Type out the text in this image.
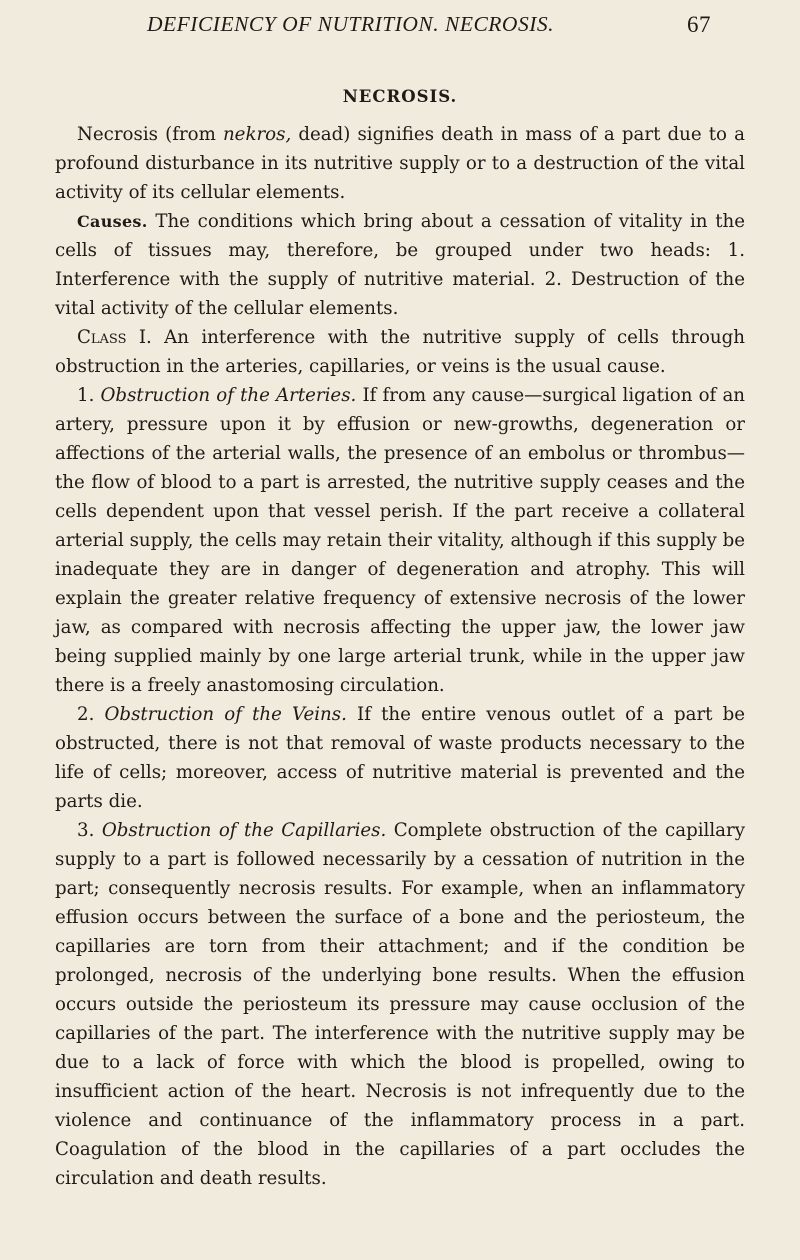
DEFICIENCY OF NUTRITION. NECROSIS.	67
NECROSIS.

Necrosis (from nekros, dead) signifies death in mass of a part due to a profound disturbance in its nutritive supply or to a destruction of the vital activity of its cellular elements.

Causes. The conditions which bring about a cessation of vitality in the cells of tissues may, therefore, be grouped under two heads: 1. Interference with the supply of nutritive material. 2. Destruction of the vital activity of the cellular elements.

Class I. An interference with the nutritive supply of cells through obstruction in the arteries, capillaries, or veins is the usual cause.

1. Obstruction of the Arteries. If from any cause—surgical ligation of an artery, pressure upon it by effusion or new-growths, degeneration or affections of the arterial walls, the presence of an embolus or thrombus—the flow of blood to a part is arrested, the nutritive supply ceases and the cells dependent upon that vessel perish. If the part receive a collateral arterial supply, the cells may retain their vitality, although if this supply be inadequate they are in danger of degeneration and atrophy. This will explain the greater relative frequency of extensive necrosis of the lower jaw, as compared with necrosis affecting the upper jaw, the lower jaw being supplied mainly by one large arterial trunk, while in the upper jaw there is a freely anastomosing circulation.

2. Obstruction of the Veins. If the entire venous outlet of a part be obstructed, there is not that removal of waste products necessary to the life of cells; moreover, access of nutritive material is prevented and the parts die.

3. Obstruction of the Capillaries. Complete obstruction of the capillary supply to a part is followed necessarily by a cessation of nutrition in the part; consequently necrosis results. For example, when an inflammatory effusion occurs between the surface of a bone and the periosteum, the capillaries are torn from their attachment; and if the condition be prolonged, necrosis of the underlying bone results. When the effusion occurs outside the periosteum its pressure may cause occlusion of the capillaries of the part. The interference with the nutritive supply may be due to a lack of force with which the blood is propelled, owing to insufficient action of the heart. Necrosis is not infrequently due to the violence and continuance of the inflammatory process in a part. Coagulation of the blood in the capillaries of a part occludes the circulation and death results.
